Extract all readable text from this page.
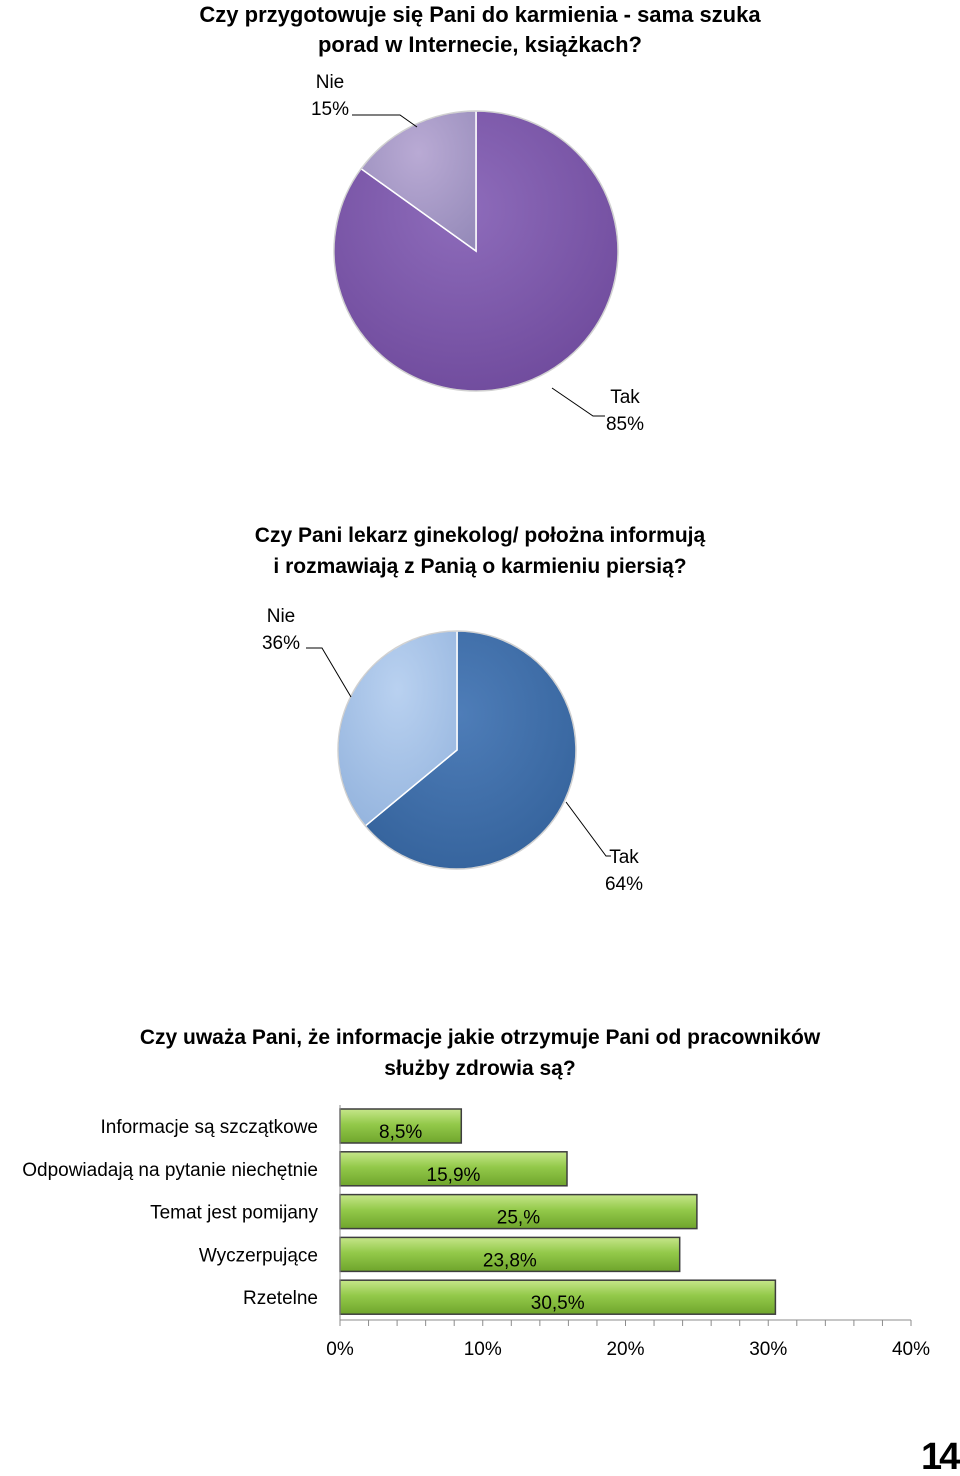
Czy przygotowuje się Pani do karmienia - sama szuka
porad w Internecie, książkach?
Czy Pani lekarz ginekolog/ położna informują
i rozmawiają z Panią o karmieniu piersią?
Czy uważa Pani, że informacje jakie otrzymuje Pani od pracowników
służby zdrowia są?
Tak 85%
Nie 15%
Tak 64%
Nie 36%
Informacje są szczątkowe	8,5%
Odpowiadają na pytanie niechętnie	15,9%
Temat jest pomijany	25,%
Wyczerpujące	23,8%
Rzetelne	30,5%
0%	10%	20%	30%	40%
14
